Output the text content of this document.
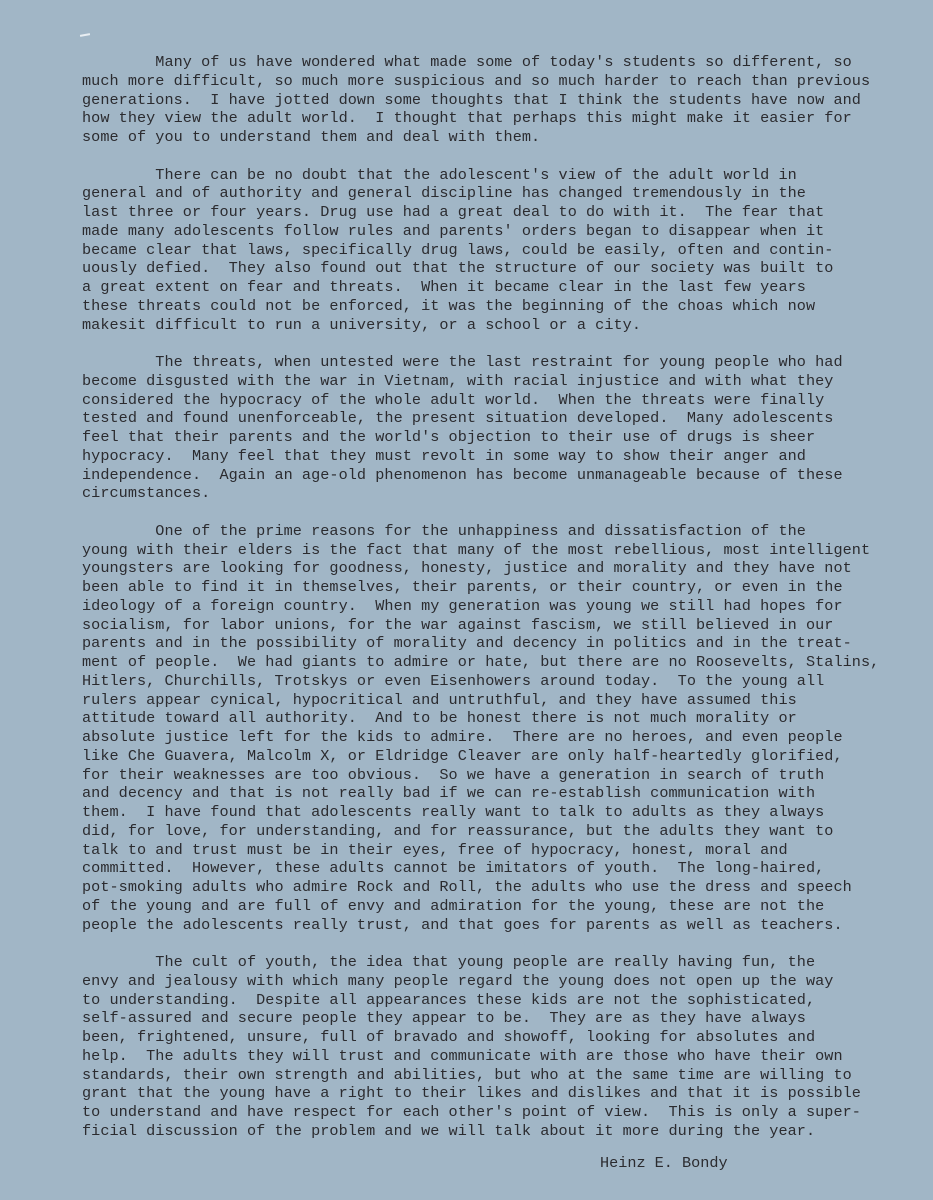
Many of us have wondered what made some of today's students so different, so
much more difficult, so much more suspicious and so much harder to reach than previous
generations.  I have jotted down some thoughts that I think the students have now and
how they view the adult world.  I thought that perhaps this might make it easier for
some of you to understand them and deal with them.
There can be no doubt that the adolescent's view of the adult world in
general and of authority and general discipline has changed tremendously in the
last three or four years. Drug use had a great deal to do with it.  The fear that
made many adolescents follow rules and parents' orders began to disappear when it
became clear that laws, specifically drug laws, could be easily, often and contin-
uously defied.  They also found out that the structure of our society was built to
a great extent on fear and threats.  When it became clear in the last few years
these threats could not be enforced, it was the beginning of the choas which now
makesit difficult to run a university, or a school or a city.
The threats, when untested were the last restraint for young people who had
become disgusted with the war in Vietnam, with racial injustice and with what they
considered the hypocracy of the whole adult world.  When the threats were finally
tested and found unenforceable, the present situation developed.  Many adolescents
feel that their parents and the world's objection to their use of drugs is sheer
hypocracy.  Many feel that they must revolt in some way to show their anger and
independence.  Again an age-old phenomenon has become unmanageable because of these
circumstances.
One of the prime reasons for the unhappiness and dissatisfaction of the
young with their elders is the fact that many of the most rebellious, most intelligent
youngsters are looking for goodness, honesty, justice and morality and they have not
been able to find it in themselves, their parents, or their country, or even in the
ideology of a foreign country.  When my generation was young we still had hopes for
socialism, for labor unions, for the war against fascism, we still believed in our
parents and in the possibility of morality and decency in politics and in the treat-
ment of people.  We had giants to admire or hate, but there are no Roosevelts, Stalins,
Hitlers, Churchills, Trotskys or even Eisenhowers around today.  To the young all
rulers appear cynical, hypocritical and untruthful, and they have assumed this
attitude toward all authority.  And to be honest there is not much morality or
absolute justice left for the kids to admire.  There are no heroes, and even people
like Che Guavera, Malcolm X, or Eldridge Cleaver are only half-heartedly glorified,
for their weaknesses are too obvious.  So we have a generation in search of truth
and decency and that is not really bad if we can re-establish communication with
them.  I have found that adolescents really want to talk to adults as they always
did, for love, for understanding, and for reassurance, but the adults they want to
talk to and trust must be in their eyes, free of hypocracy, honest, moral and
committed.  However, these adults cannot be imitators of youth.  The long-haired,
pot-smoking adults who admire Rock and Roll, the adults who use the dress and speech
of the young and are full of envy and admiration for the young, these are not the
people the adolescents really trust, and that goes for parents as well as teachers.
The cult of youth, the idea that young people are really having fun, the
envy and jealousy with which many people regard the young does not open up the way
to understanding.  Despite all appearances these kids are not the sophisticated,
self-assured and secure people they appear to be.  They are as they have always
been, frightened, unsure, full of bravado and showoff, looking for absolutes and
help.  The adults they will trust and communicate with are those who have their own
standards, their own strength and abilities, but who at the same time are willing to
grant that the young have a right to their likes and dislikes and that it is possible
to understand and have respect for each other's point of view.  This is only a super-
ficial discussion of the problem and we will talk about it more during the year.
Heinz E. Bondy
